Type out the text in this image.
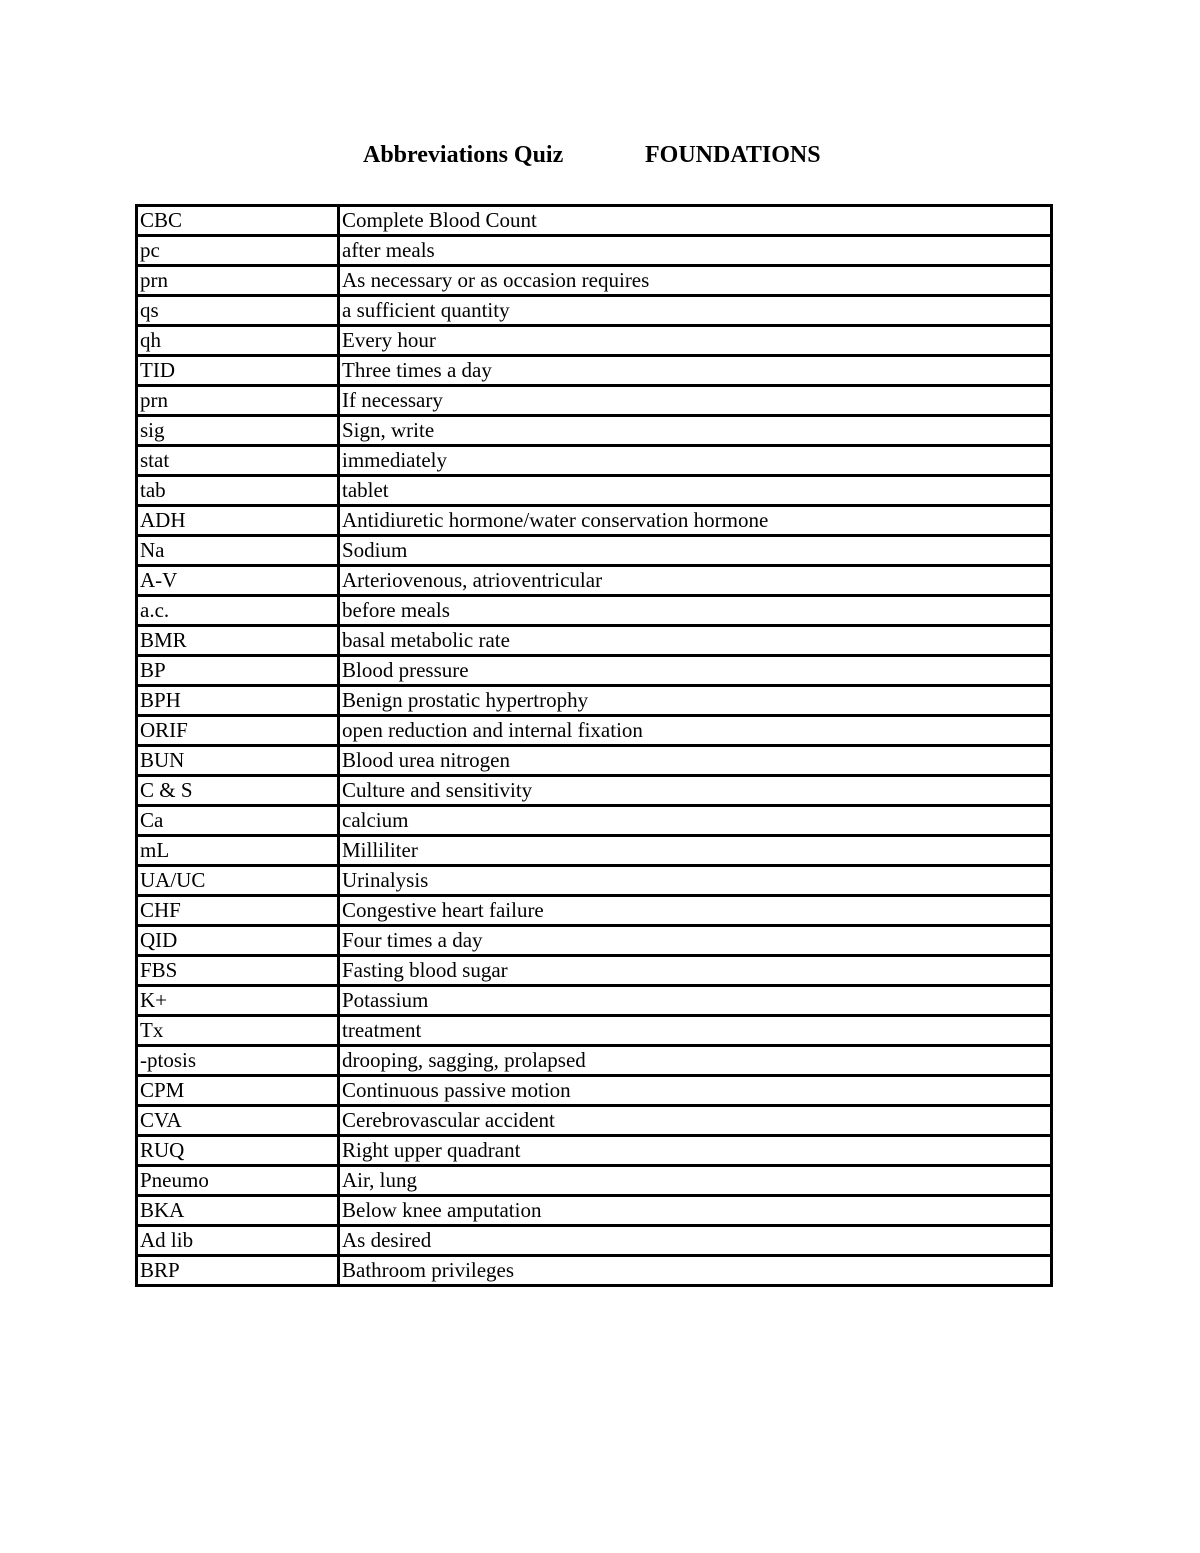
Abbreviations Quiz	FOUNDATIONS
CBC	Complete Blood Count
pc	after meals
prn	As necessary or as occasion requires
qs	a sufficient quantity
qh	Every hour
TID	Three times a day
prn	If necessary
sig	Sign, write
stat	immediately
tab	tablet
ADH	Antidiuretic hormone/water conservation hormone
Na	Sodium
A-V	Arteriovenous, atrioventricular
a.c.	before meals
BMR	basal metabolic rate
BP	Blood pressure
BPH	Benign prostatic hypertrophy
ORIF	open reduction and internal fixation
BUN	Blood urea nitrogen
C & S	Culture and sensitivity
Ca	calcium
mL	Milliliter
UA/UC	Urinalysis
CHF	Congestive heart failure
QID	Four times a day
FBS	Fasting blood sugar
K+	Potassium
Tx	treatment
-ptosis	drooping, sagging, prolapsed
CPM	Continuous passive motion
CVA	Cerebrovascular accident
RUQ	Right upper quadrant
Pneumo	Air, lung
BKA	Below knee amputation
Ad lib	As desired
BRP	Bathroom privileges
